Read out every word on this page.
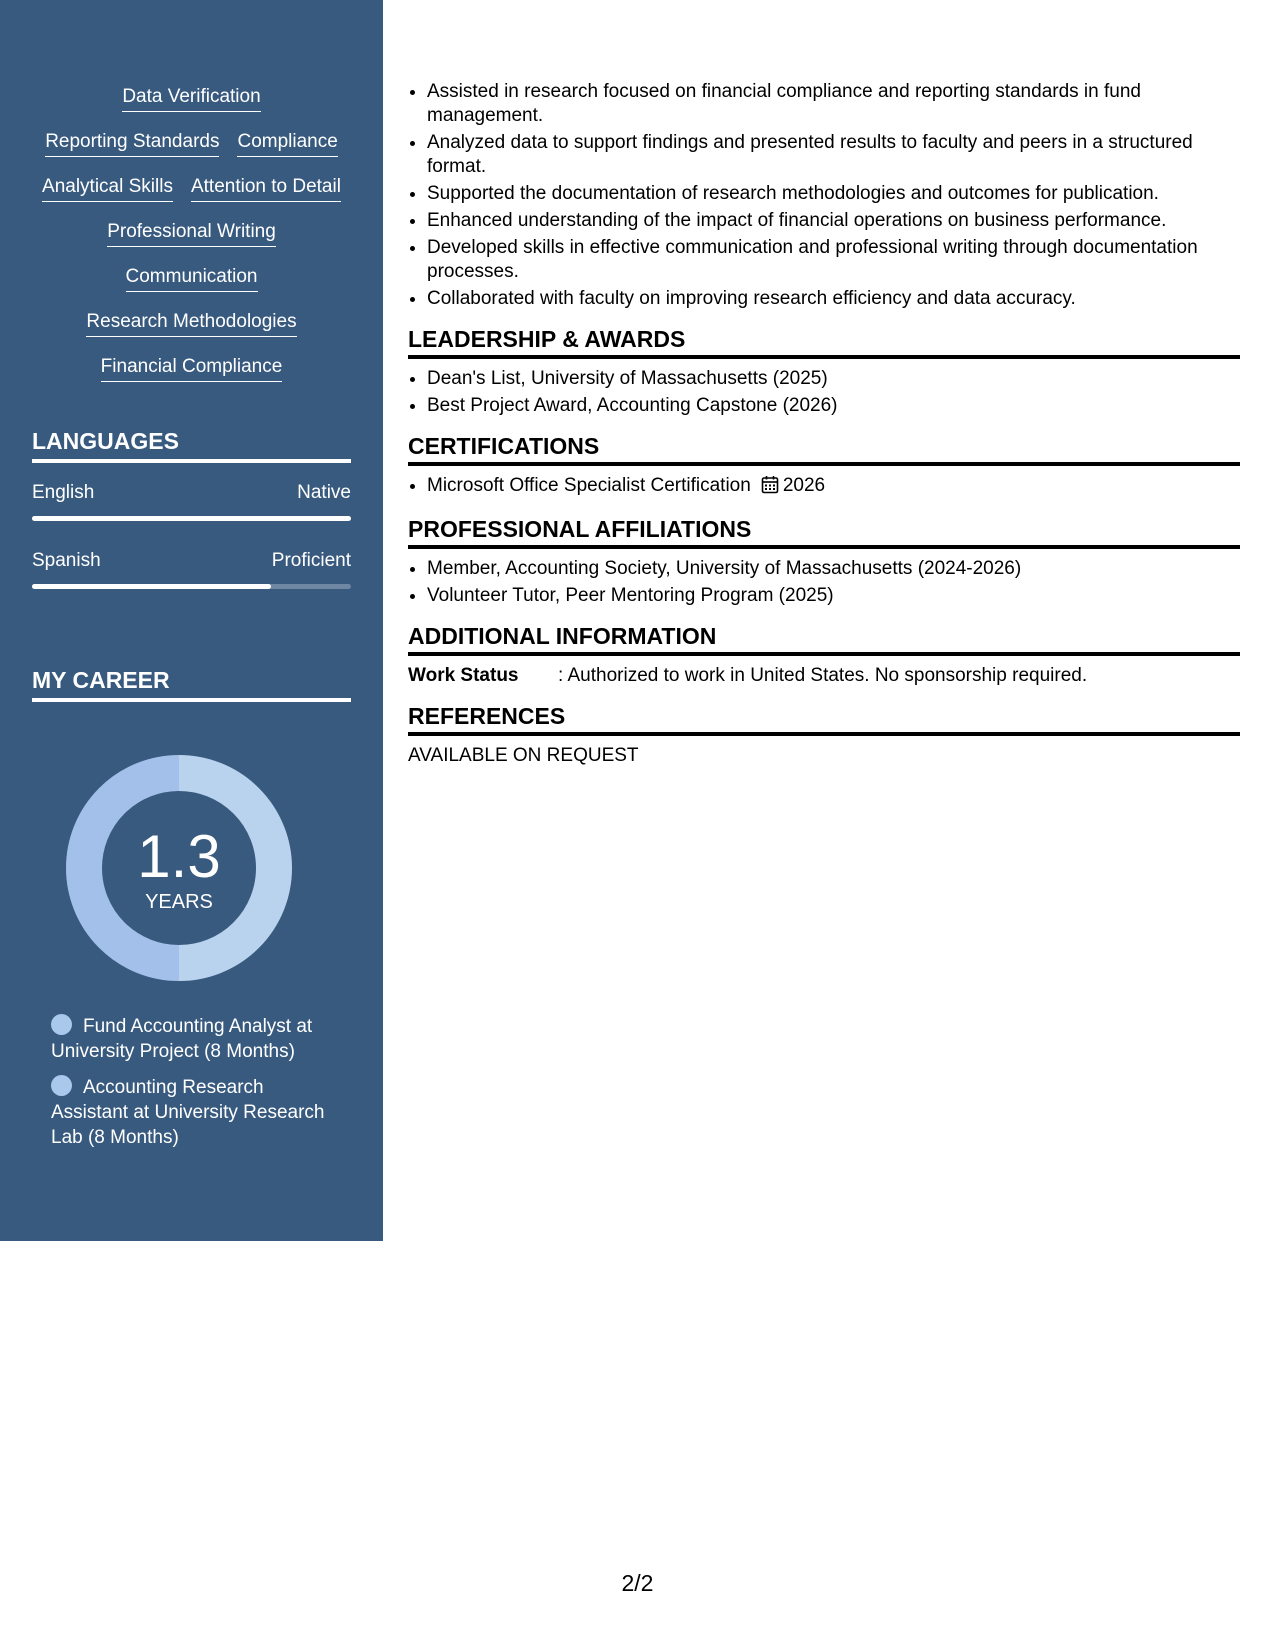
Data Verification
Reporting Standards Compliance
Analytical Skills Attention to Detail
Professional Writing
Communication
Research Methodologies
Financial Compliance
LANGUAGES
English	Native
Spanish	Proficient
MY CAREER
1.3
YEARS
Fund Accounting Analyst at University Project (8 Months)
Accounting Research Assistant at University Research Lab (8 Months)
• Assisted in research focused on financial compliance and reporting standards in fund management.
• Analyzed data to support findings and presented results to faculty and peers in a structured format.
• Supported the documentation of research methodologies and outcomes for publication.
• Enhanced understanding of the impact of financial operations on business performance.
• Developed skills in effective communication and professional writing through documentation processes.
• Collaborated with faculty on improving research efficiency and data accuracy.
LEADERSHIP & AWARDS
• Dean's List, University of Massachusetts (2025)
• Best Project Award, Accounting Capstone (2026)
CERTIFICATIONS
• Microsoft Office Specialist Certification 2026
PROFESSIONAL AFFILIATIONS
• Member, Accounting Society, University of Massachusetts (2024-2026)
• Volunteer Tutor, Peer Mentoring Program (2025)
ADDITIONAL INFORMATION
Work Status	: Authorized to work in United States. No sponsorship required.
REFERENCES
AVAILABLE ON REQUEST
2/2
